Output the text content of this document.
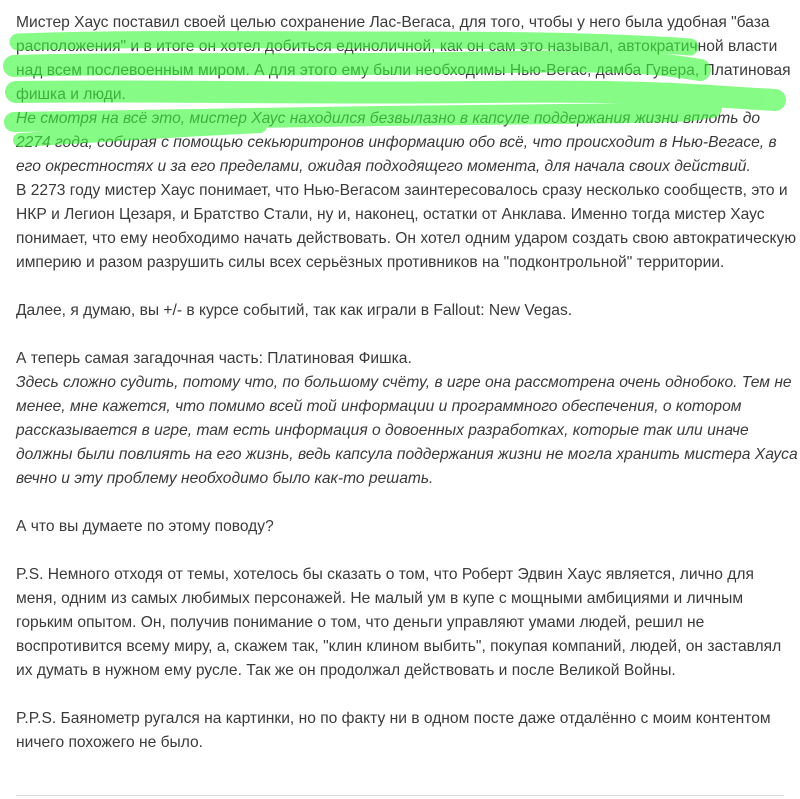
Мистер Хаус поставил своей целью сохранение Лас-Вегаса, для того, чтобы у него была удобная "база расположения" и в итоге он хотел добиться единоличной, как он сам это называл, автократичной власти над всем послевоенным миром. А для этого ему были необходимы Нью-Вегас, дамба Гувера, Платиновая фишка и люди.

Не смотря на всё это, мистер Хаус находился безвылазно в капсуле поддержания жизни вплоть до 2274 года, собирая с помощью секьюритронов информацию обо всё, что происходит в Нью-Вегасе, в его окрестностях и за его пределами, ожидая подходящего момента, для начала своих действий.

В 2273 году мистер Хаус понимает, что Нью-Вегасом заинтересовалось сразу несколько сообществ, это и НКР и Легион Цезаря, и Братство Стали, ну и, наконец, остатки от Анклава. Именно тогда мистер Хаус понимает, что ему необходимо начать действовать. Он хотел одним ударом создать свою автократическую империю и разом разрушить силы всех серьёзных противников на "подконтрольной" территории.

Далее, я думаю, вы +/- в курсе событий, так как играли в Fallout: New Vegas.

А теперь самая загадочная часть: Платиновая Фишка.

Здесь сложно судить, потому что, по большому счёту, в игре она рассмотрена очень однобоко. Тем не менее, мне кажется, что помимо всей той информации и программного обеспечения, о котором рассказывается в игре, там есть информация о довоенных разработках, которые так или иначе должны были повлиять на его жизнь, ведь капсула поддержания жизни не могла хранить мистера Хауса вечно и эту проблему необходимо было как-то решать.

А что вы думаете по этому поводу?

P.S. Немного отходя от темы, хотелось бы сказать о том, что Роберт Эдвин Хаус является, лично для меня, одним из самых любимых персонажей. Не малый ум в купе с мощными амбициями и личным горьким опытом. Он, получив понимание о том, что деньги управляют умами людей, решил не воспротивится всему миру, а, скажем так, "клин клином выбить", покупая компаний, людей, он заставлял их думать в нужном ему русле. Так же он продолжал действовать и после Великой Войны.

P.P.S. Баянометр ругался на картинки, но по факту ни в одном посте даже отдалённо с моим контентом ничего похожего не было.
